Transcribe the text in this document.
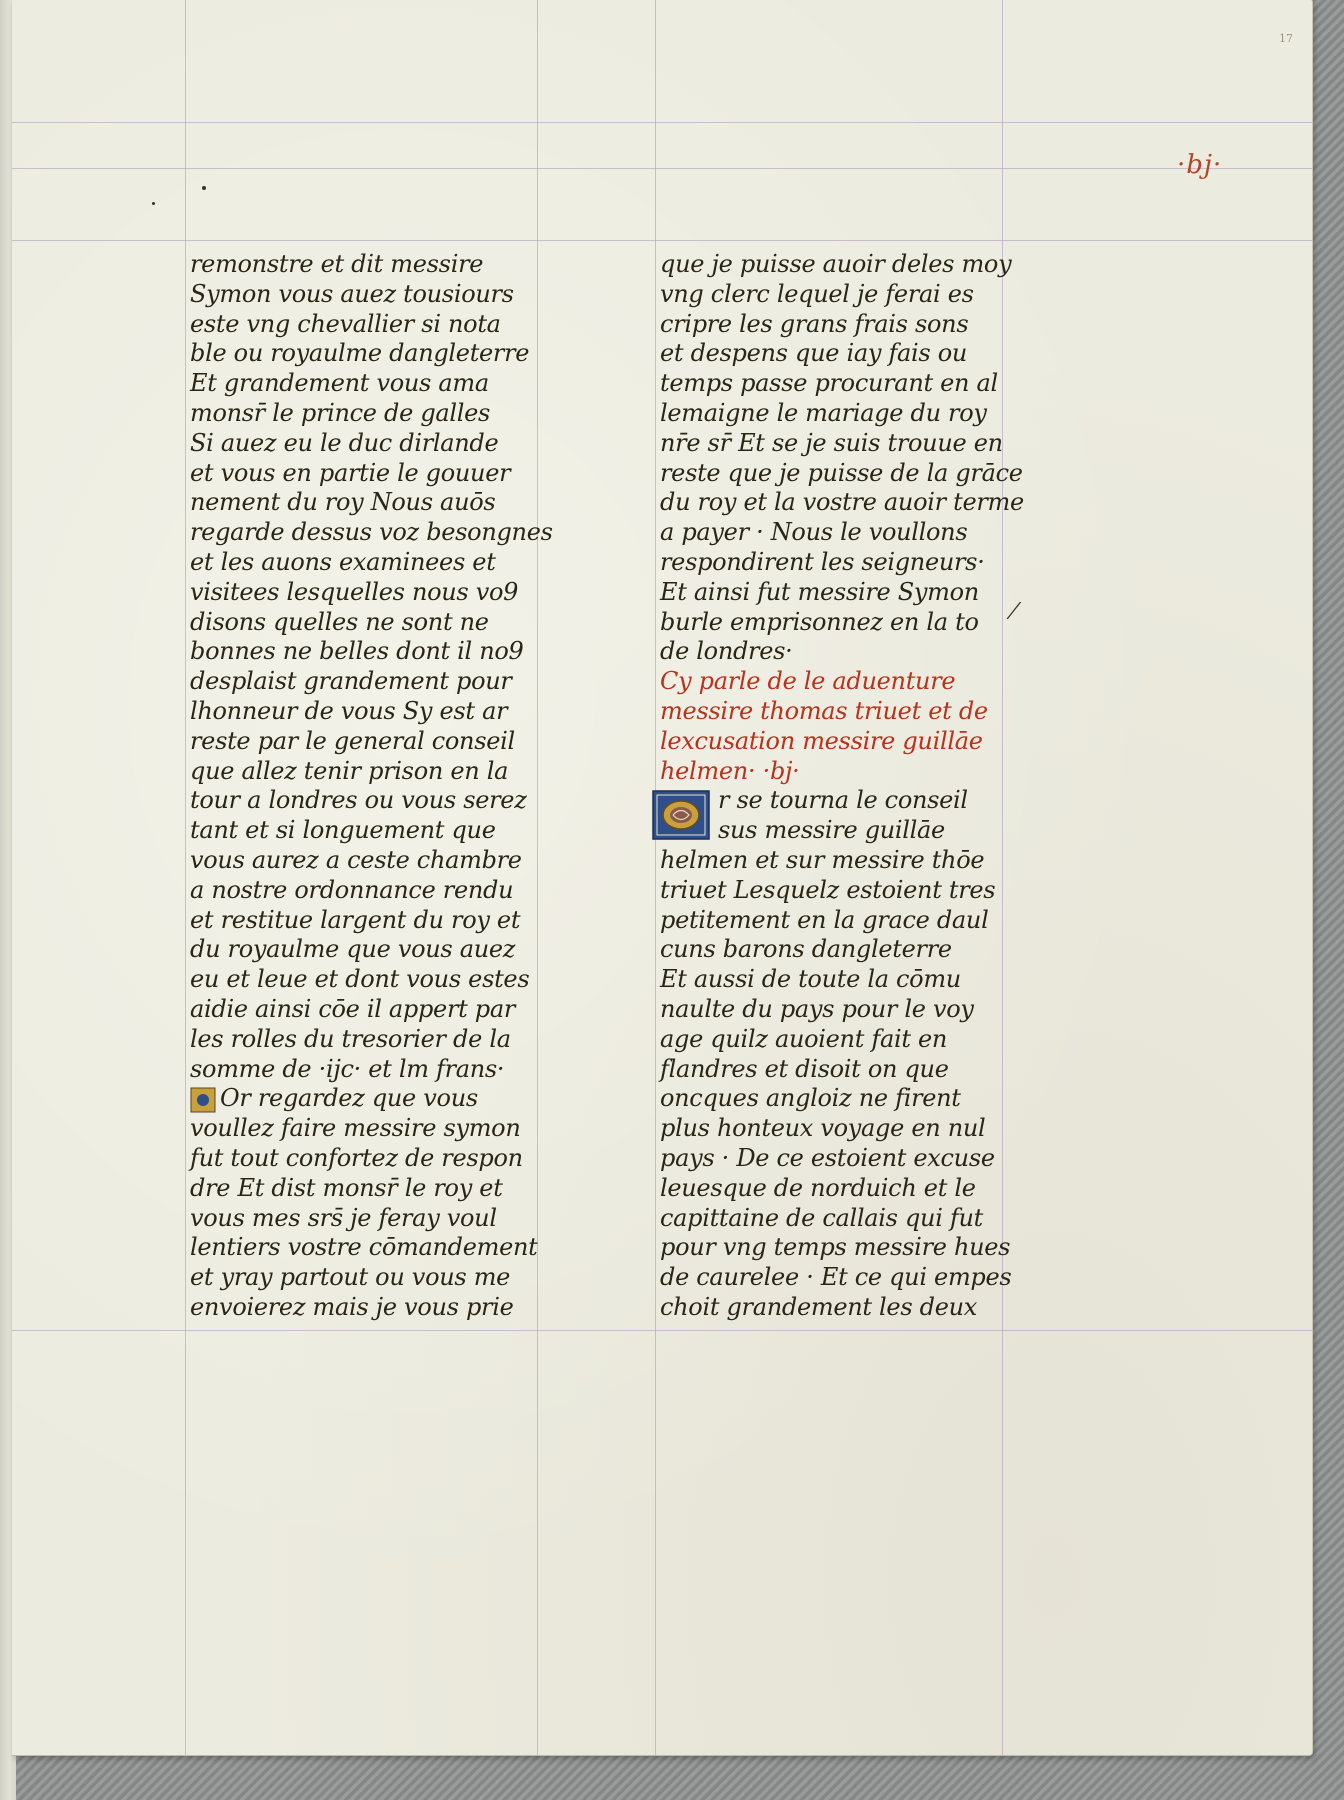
17
·bj·
remonstre et dit messire
Symon vous auez tousiours
este vng chevallier si nota
ble ou royaulme dangleterre
Et grandement vous ama
monsr̄ le prince de galles
Si auez eu le duc dirlande
et vous en partie le gouuer
nement du roy Nous auōs
regarde dessus voz besongnes
et les auons examinees et
visitees lesquelles nous vo9
disons quelles ne sont ne
bonnes ne belles dont il no9
desplaist grandement pour
lhonneur de vous Sy est ar
reste par le general conseil
que allez tenir prison en la
tour a londres ou vous serez
tant et si longuement que
vous aurez a ceste chambre
a nostre ordonnance rendu
et restitue largent du roy et
du royaulme que vous auez
eu et leue et dont vous estes
aidie ainsi cōe il appert par
les rolles du tresorier de la
somme de ·ijc· et lm frans·
Or regardez que vous
voullez faire messire symon
fut tout confortez de respon
dre Et dist monsr̄ le roy et
vous mes srs̄ je feray voul
lentiers vostre cōmandement
et yray partout ou vous me
envoierez mais je vous prie
que je puisse auoir deles moy
vng clerc lequel je ferai es
cripre les grans frais sons
et despens que iay fais ou
temps passe procurant en al
lemaigne le mariage du roy
nr̄e sr̄ Et se je suis trouue en
reste que je puisse de la grāce
du roy et la vostre auoir terme
a payer · Nous le voullons
respondirent les seigneurs·
Et ainsi fut messire Symon
burle emprisonnez en la to
de londres·
Cy parle de le aduenture
messire thomas triuet et de
lexcusation messire guillāe
helmen· ·bj·
r se tourna le conseil
sus messire guillāe
helmen et sur messire thōe
triuet Lesquelz estoient tres
petitement en la grace daul
cuns barons dangleterre
Et aussi de toute la cōmu
naulte du pays pour le voy
age quilz auoient fait en
flandres et disoit on que
oncques angloiz ne firent
plus honteux voyage en nul
pays · De ce estoient excuse
leuesque de norduich et le
capittaine de callais qui fut
pour vng temps messire hues
de caurelee · Et ce qui empes
choit grandement les deux
⁄
